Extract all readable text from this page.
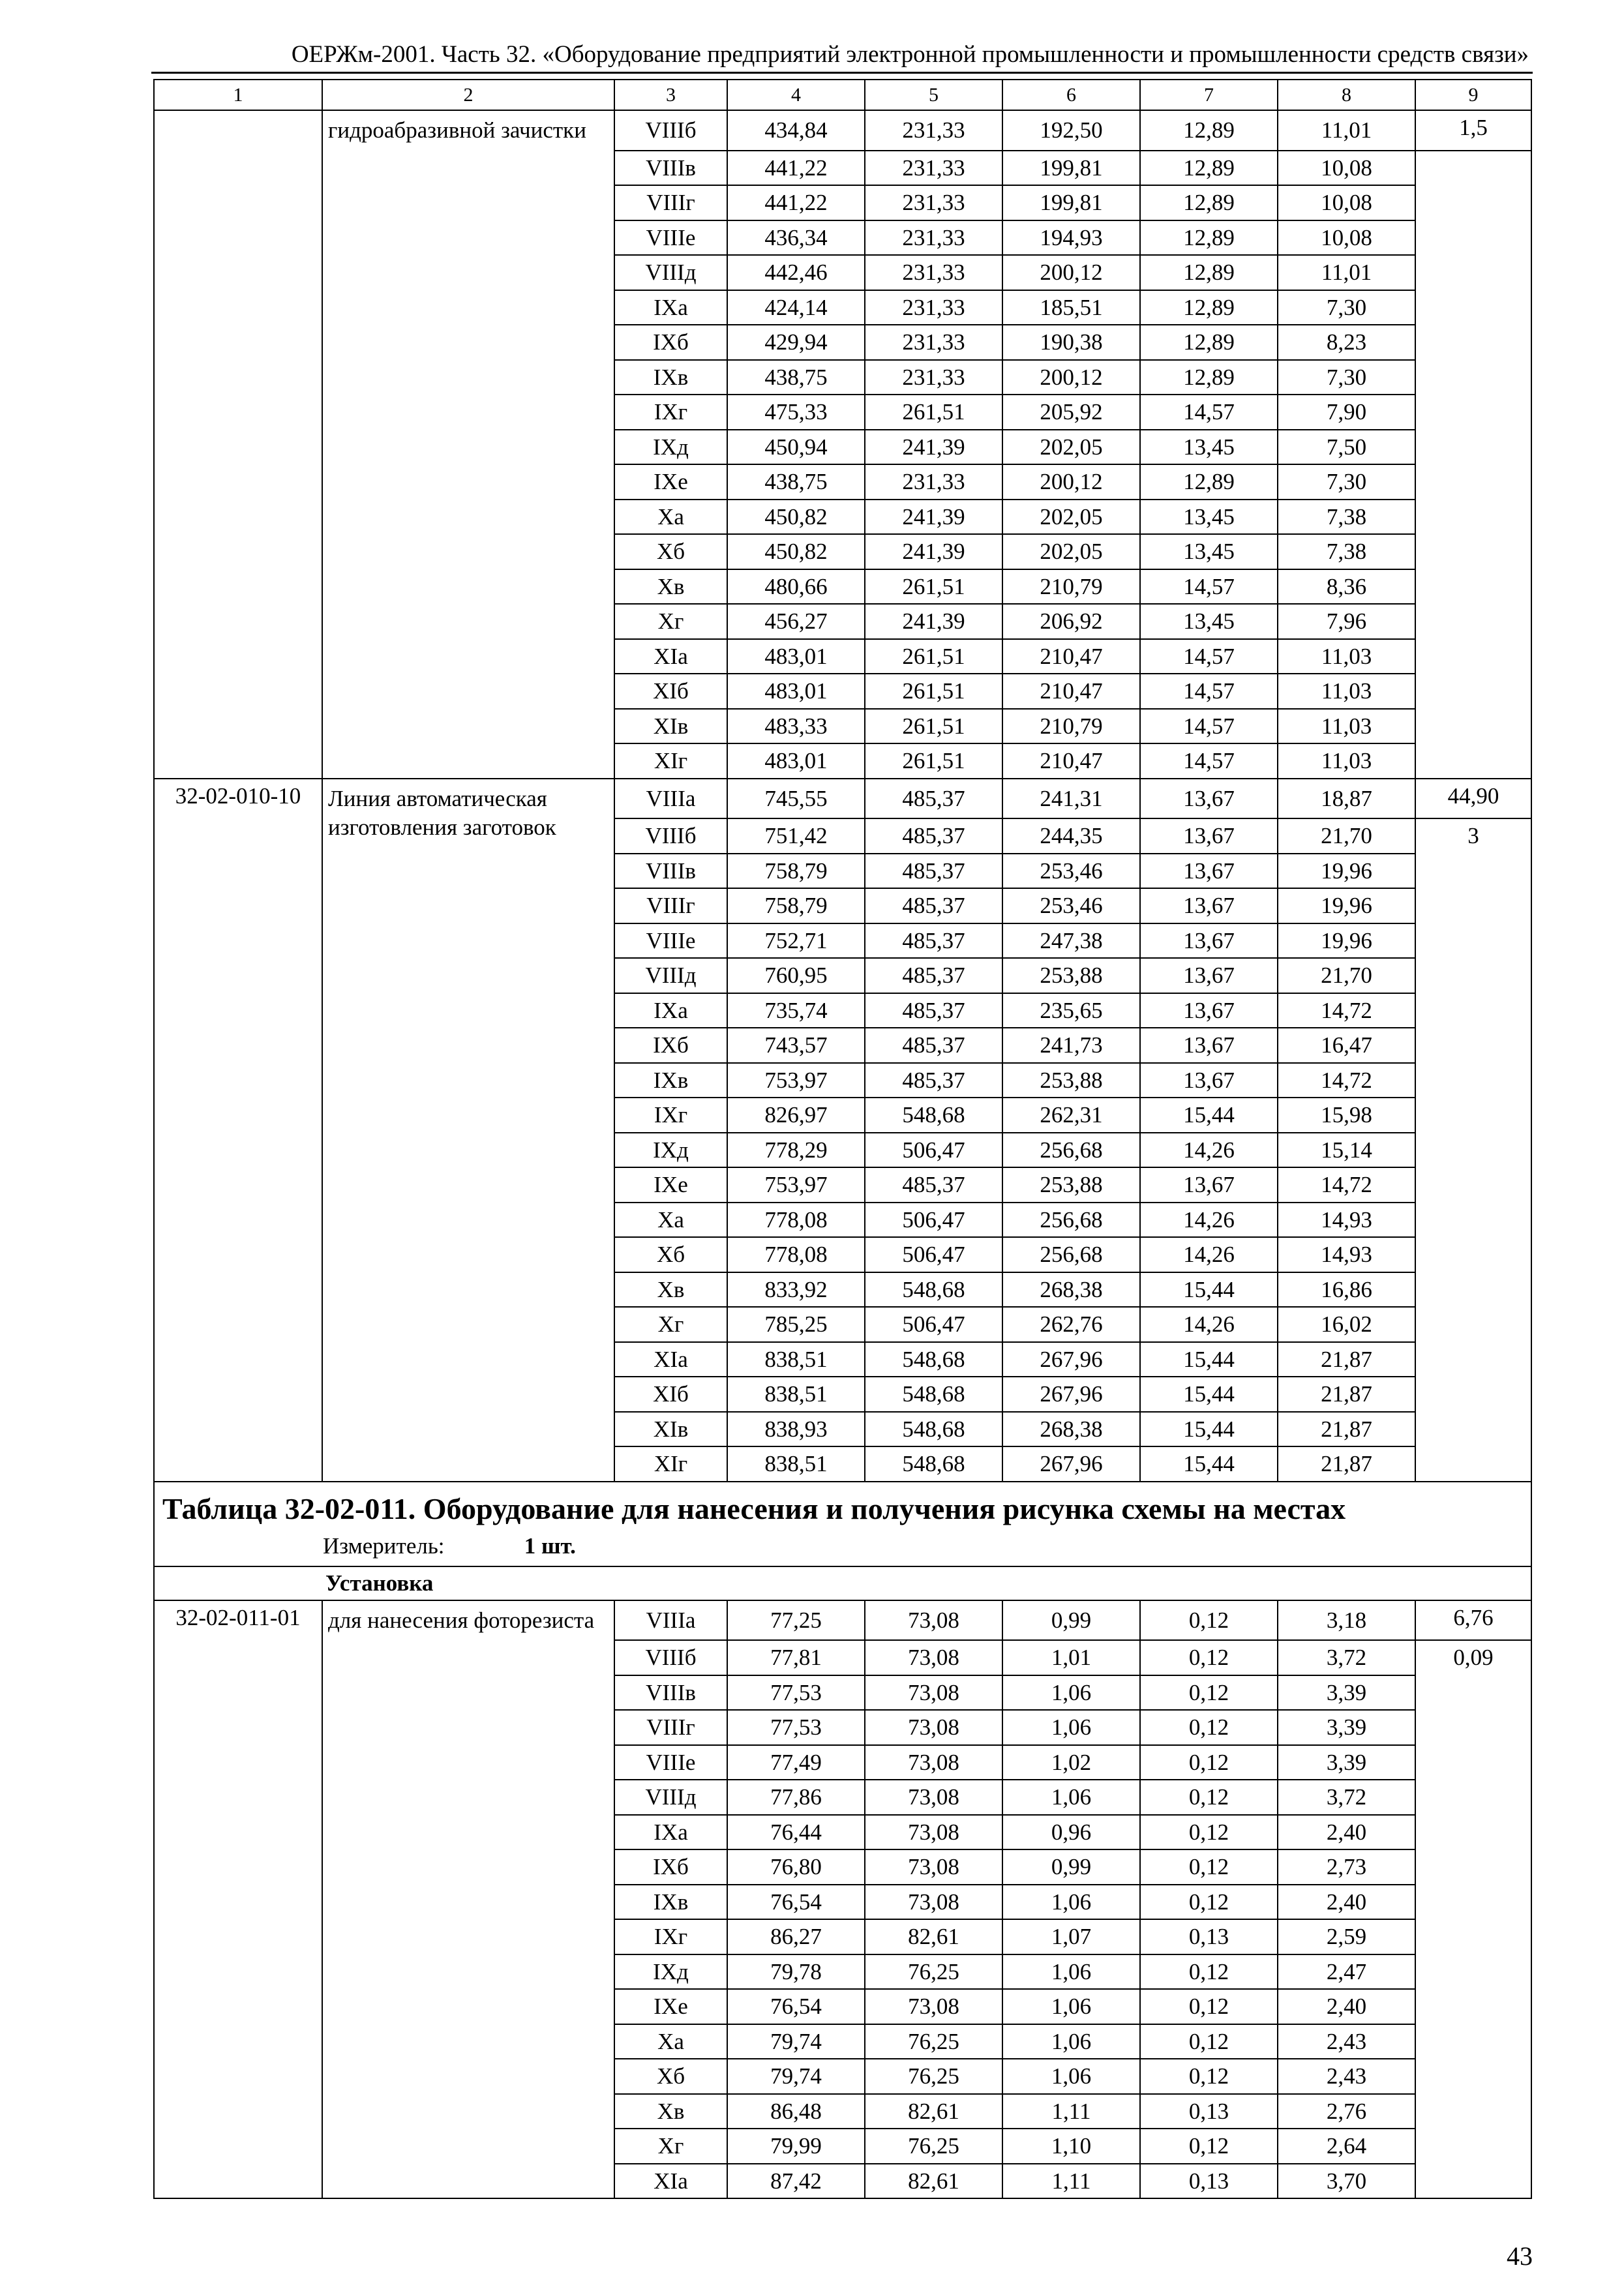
ОЕРЖм-2001. Часть 32. «Оборудование предприятий электронной промышленности и промышленности средств связи»
1	2	3	4	5	6	7	8	9
	гидроабразивной зачистки	VIIIб	434,84	231,33	192,50	12,89	11,01	1,5
		VIIIв	441,22	231,33	199,81	12,89	10,08	
		VIIIг	441,22	231,33	199,81	12,89	10,08	
		VIIIе	436,34	231,33	194,93	12,89	10,08	
		VIIIд	442,46	231,33	200,12	12,89	11,01	
		IXа	424,14	231,33	185,51	12,89	7,30	
		IXб	429,94	231,33	190,38	12,89	8,23	
		IXв	438,75	231,33	200,12	12,89	7,30	
		IXг	475,33	261,51	205,92	14,57	7,90	
		IXд	450,94	241,39	202,05	13,45	7,50	
		IXе	438,75	231,33	200,12	12,89	7,30	
		Xа	450,82	241,39	202,05	13,45	7,38	
		Xб	450,82	241,39	202,05	13,45	7,38	
		Xв	480,66	261,51	210,79	14,57	8,36	
		Xг	456,27	241,39	206,92	13,45	7,96	
		XIа	483,01	261,51	210,47	14,57	11,03	
		XIб	483,01	261,51	210,47	14,57	11,03	
		XIв	483,33	261,51	210,79	14,57	11,03	
		XIг	483,01	261,51	210,47	14,57	11,03	
32-02-010-10	Линия автоматическая изготовления заготовок	VIIIа	745,55	485,37	241,31	13,67	18,87	44,90
		VIIIб	751,42	485,37	244,35	13,67	21,70	3
		VIIIв	758,79	485,37	253,46	13,67	19,96	
		VIIIг	758,79	485,37	253,46	13,67	19,96	
		VIIIе	752,71	485,37	247,38	13,67	19,96	
		VIIIд	760,95	485,37	253,88	13,67	21,70	
		IXа	735,74	485,37	235,65	13,67	14,72	
		IXб	743,57	485,37	241,73	13,67	16,47	
		IXв	753,97	485,37	253,88	13,67	14,72	
		IXг	826,97	548,68	262,31	15,44	15,98	
		IXд	778,29	506,47	256,68	14,26	15,14	
		IXе	753,97	485,37	253,88	13,67	14,72	
		Xа	778,08	506,47	256,68	14,26	14,93	
		Xб	778,08	506,47	256,68	14,26	14,93	
		Xв	833,92	548,68	268,38	15,44	16,86	
		Xг	785,25	506,47	262,76	14,26	16,02	
		XIа	838,51	548,68	267,96	15,44	21,87	
		XIб	838,51	548,68	267,96	15,44	21,87	
		XIв	838,93	548,68	268,38	15,44	21,87	
		XIг	838,51	548,68	267,96	15,44	21,87	

Таблица 32-02-011. Оборудование для нанесения и получения рисунка схемы на местах
Измеритель: 1 шт.								

Установка								
32-02-011-01	для нанесения фоторезиста	VIIIа	77,25	73,08	0,99	0,12	3,18	6,76
		VIIIб	77,81	73,08	1,01	0,12	3,72	0,09
		VIIIв	77,53	73,08	1,06	0,12	3,39	
		VIIIг	77,53	73,08	1,06	0,12	3,39	
		VIIIе	77,49	73,08	1,02	0,12	3,39	
		VIIIд	77,86	73,08	1,06	0,12	3,72	
		IXа	76,44	73,08	0,96	0,12	2,40	
		IXб	76,80	73,08	0,99	0,12	2,73	
		IXв	76,54	73,08	1,06	0,12	2,40	
		IXг	86,27	82,61	1,07	0,13	2,59	
		IXд	79,78	76,25	1,06	0,12	2,47	
		IXе	76,54	73,08	1,06	0,12	2,40	
		Xа	79,74	76,25	1,06	0,12	2,43	
		Xб	79,74	76,25	1,06	0,12	2,43	
		Xв	86,48	82,61	1,11	0,13	2,76	
		Xг	79,99	76,25	1,10	0,12	2,64	
		XIа	87,42	82,61	1,11	0,13	3,70	
43
